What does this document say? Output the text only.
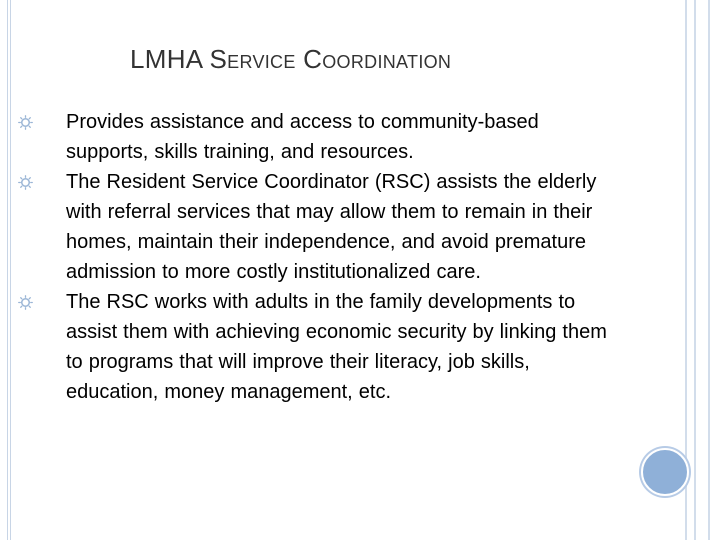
LMHA Service Coordination
Provides assistance and access to community-based supports, skills training, and resources.
The Resident Service Coordinator (RSC) assists the elderly with referral services that may allow them to remain in their homes, maintain their independence, and avoid premature admission to more costly institutionalized care.
The RSC works with adults in the family developments to assist them with achieving economic security by linking them to programs that will improve their literacy, job skills, education, money management, etc.
